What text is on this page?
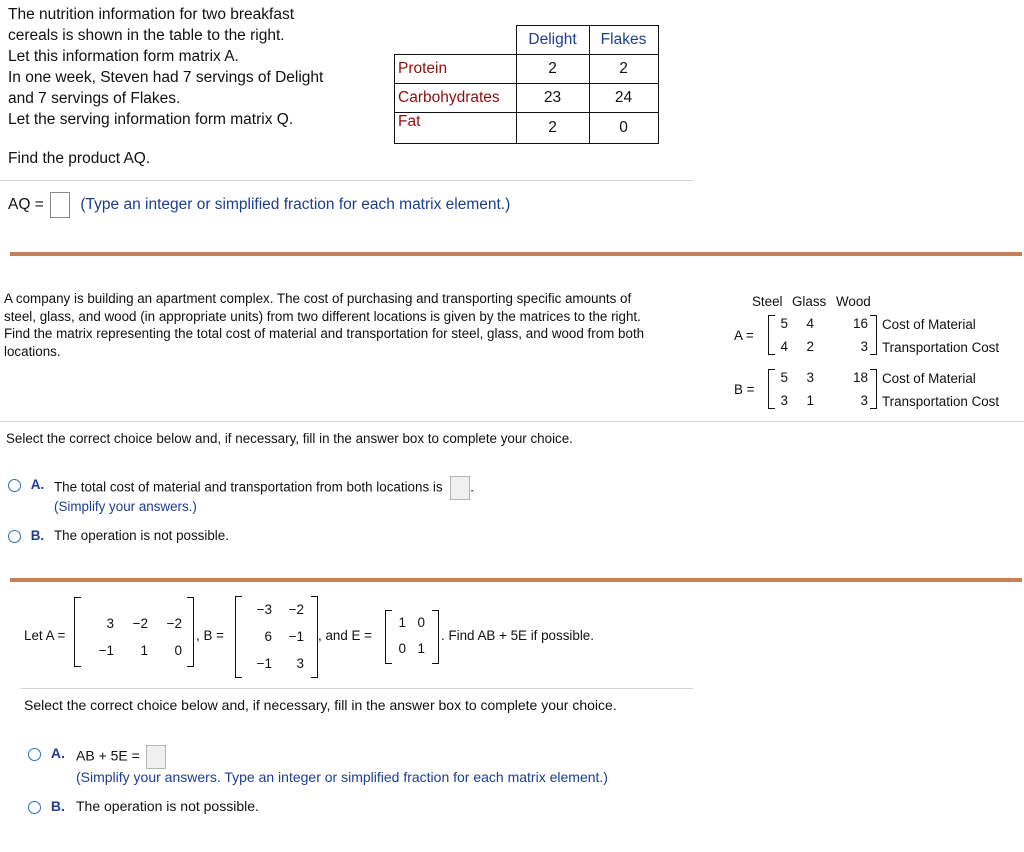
The nutrition information for two breakfast
cereals is shown in the table to the right.
Let this information form matrix A.
In one week, Steven had 7 servings of Delight
and 7 servings of Flakes.
Let the serving information form matrix Q.
	Delight	Flakes
Protein	2	2
Carbohydrates	23	24
Fat	2	0
Find the product AQ.
AQ = (Type an integer or simplified fraction for each matrix element.)
A company is building an apartment complex. The cost of purchasing and transporting specific amounts of
steel, glass, and wood (in appropriate units) from two different locations is given by the matrices to the right.
Find the matrix representing the total cost of material and transportation for steel, glass, and wood from both
locations.
Steel Glass Wood
A =
5	4	16
4	2	3
Cost of Material
Transportation Cost
B =
5	3	18
3	1	3
Cost of Material
Transportation Cost
Select the correct choice below and, if necessary, fill in the answer box to complete your choice.
A. The total cost of material and transportation from both locations is .
(Simplify your answers.)
B. The operation is not possible.
Let A =
3	−2	−2
−1	1	0
, B =
−3	−2
6	−1
−1	3
, and E =
1 0
0 1
. Find AB + 5E if possible.
Select the correct choice below and, if necessary, fill in the answer box to complete your choice.
A. AB + 5E =
(Simplify your answers. Type an integer or simplified fraction for each matrix element.)
B. The operation is not possible.
